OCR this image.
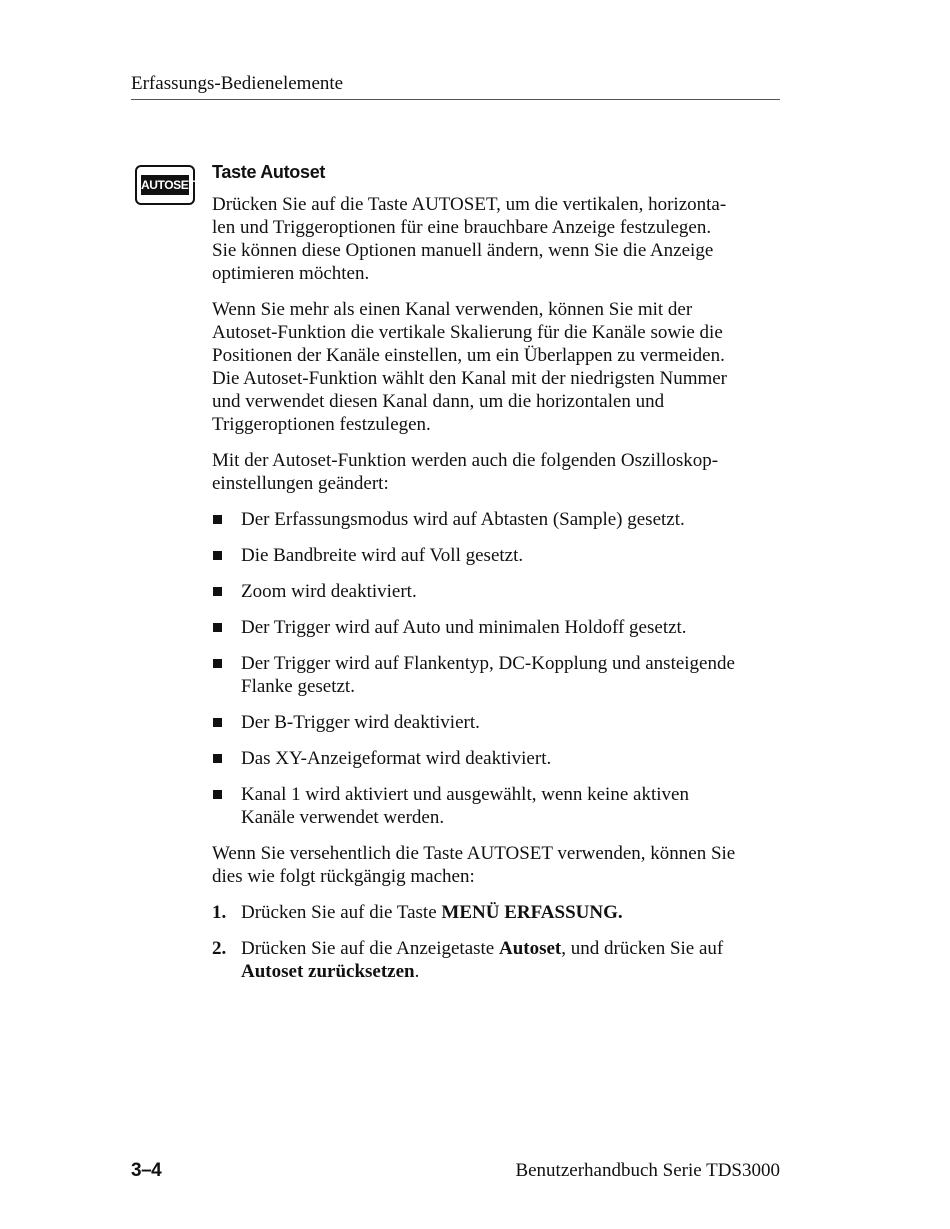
Erfassungs-Bedienelemente
AUTOSET
Taste Autoset

Drücken Sie auf die Taste AUTOSET, um die vertikalen, horizonta-
len und Triggeroptionen für eine brauchbare Anzeige festzulegen.
Sie können diese Optionen manuell ändern, wenn Sie die Anzeige
optimieren möchten.

Wenn Sie mehr als einen Kanal verwenden, können Sie mit der
Autoset-Funktion die vertikale Skalierung für die Kanäle sowie die
Positionen der Kanäle einstellen, um ein Überlappen zu vermeiden.
Die Autoset-Funktion wählt den Kanal mit der niedrigsten Nummer
und verwendet diesen Kanal dann, um die horizontalen und
Triggeroptionen festzulegen.

Mit der Autoset-Funktion werden auch die folgenden Oszilloskop-
einstellungen geändert:

Der Erfassungsmodus wird auf Abtasten (Sample) gesetzt.
Die Bandbreite wird auf Voll gesetzt.
Zoom wird deaktiviert.
Der Trigger wird auf Auto und minimalen Holdoff gesetzt.
Der Trigger wird auf Flankentyp, DC-Kopplung und ansteigende
Flanke gesetzt.
Der B-Trigger wird deaktiviert.
Das XY-Anzeigeformat wird deaktiviert.
Kanal 1 wird aktiviert und ausgewählt, wenn keine aktiven
Kanäle verwendet werden.

Wenn Sie versehentlich die Taste AUTOSET verwenden, können Sie
dies wie folgt rückgängig machen:

1. Drücken Sie auf die Taste MENÜ ERFASSUNG.
2. Drücken Sie auf die Anzeigetaste Autoset, und drücken Sie auf
Autoset zurücksetzen.
3–4	Benutzerhandbuch Serie TDS3000
